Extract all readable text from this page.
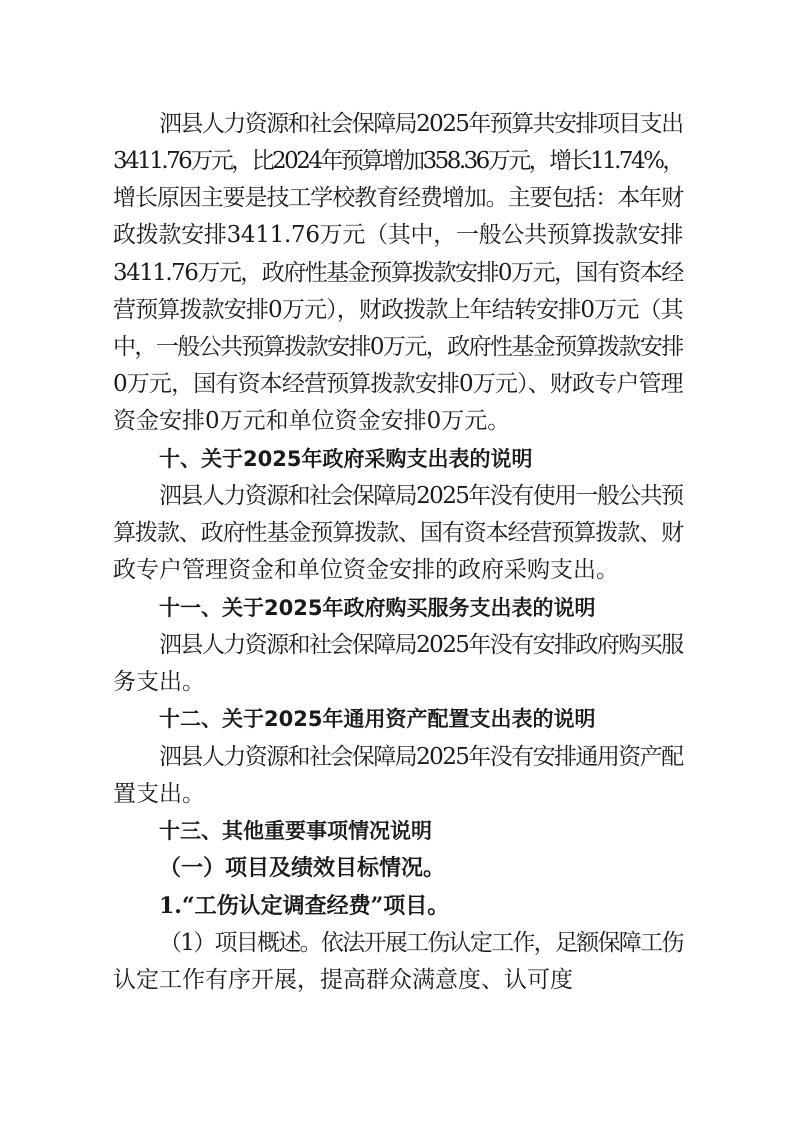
泗县人力资源和社会保障局2025年预算共安排项目支出
3411.76万元，比2024年预算增加358.36万元，增长11.74%，
增长原因主要是技工学校教育经费增加。主要包括：本年财
政拨款安排3411.76万元（其中，一般公共预算拨款安排
3411.76万元，政府性基金预算拨款安排0万元，国有资本经
营预算拨款安排0万元），财政拨款上年结转安排0万元（其
中，一般公共预算拨款安排0万元，政府性基金预算拨款安排
0万元，国有资本经营预算拨款安排0万元）、财政专户管理
资金安排0万元和单位资金安排0万元。
十、关于2025年政府采购支出表的说明
泗县人力资源和社会保障局2025年没有使用一般公共预
算拨款、政府性基金预算拨款、国有资本经营预算拨款、财
政专户管理资金和单位资金安排的政府采购支出。
十一、关于2025年政府购买服务支出表的说明
泗县人力资源和社会保障局2025年没有安排政府购买服
务支出。
十二、关于2025年通用资产配置支出表的说明
泗县人力资源和社会保障局2025年没有安排通用资产配
置支出。
十三、其他重要事项情况说明
（一）项目及绩效目标情况。
1.“工伤认定调查经费”项目。
（1）项目概述。依法开展工伤认定工作，足额保障工伤
认定工作有序开展，提高群众满意度、认可度
